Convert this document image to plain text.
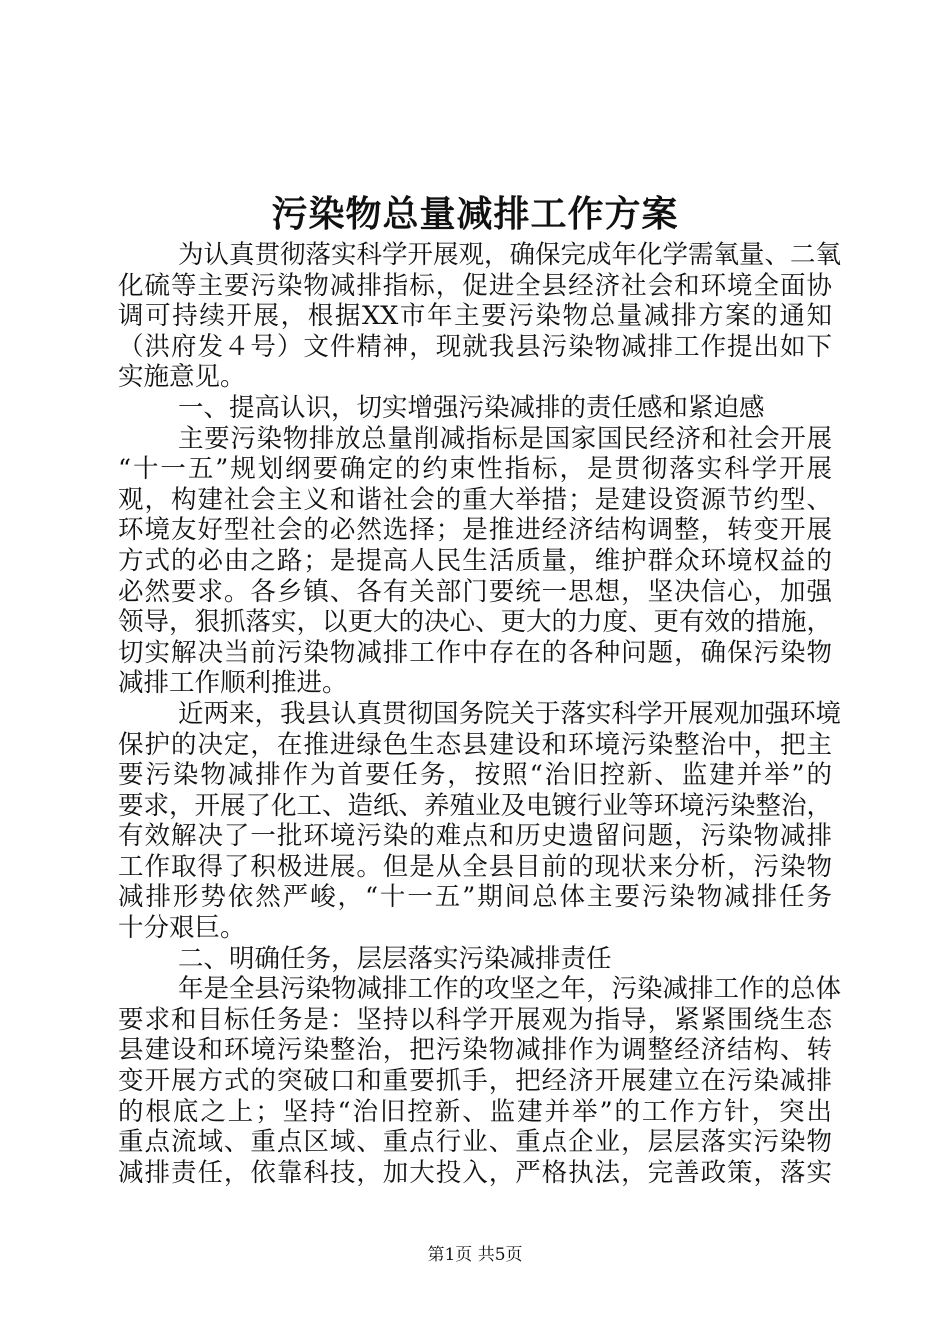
污染物总量减排工作方案
为认真贯彻落实科学开展观，确保完成年化学需氧量、二氧
化硫等主要污染物减排指标，促进全县经济社会和环境全面协
调可持续开展，根据XX市年主要污染物总量减排方案的通知
（洪府发４号）文件精神，现就我县污染物减排工作提出如下
实施意见。
一、提高认识，切实增强污染减排的责任感和紧迫感
主要污染物排放总量削减指标是国家国民经济和社会开展
“十一五”规划纲要确定的约束性指标，是贯彻落实科学开展
观，构建社会主义和谐社会的重大举措；是建设资源节约型、
环境友好型社会的必然选择；是推进经济结构调整，转变开展
方式的必由之路；是提高人民生活质量，维护群众环境权益的
必然要求。各乡镇、各有关部门要统一思想，坚决信心，加强
领导，狠抓落实，以更大的决心、更大的力度、更有效的措施，
切实解决当前污染物减排工作中存在的各种问题，确保污染物
减排工作顺利推进。
近两来，我县认真贯彻国务院关于落实科学开展观加强环境
保护的决定，在推进绿色生态县建设和环境污染整治中，把主
要污染物减排作为首要任务，按照“治旧控新、监建并举”的
要求，开展了化工、造纸、养殖业及电镀行业等环境污染整治，
有效解决了一批环境污染的难点和历史遗留问题，污染物减排
工作取得了积极进展。但是从全县目前的现状来分析，污染物
减排形势依然严峻，“十一五”期间总体主要污染物减排任务
十分艰巨。
二、明确任务，层层落实污染减排责任
年是全县污染物减排工作的攻坚之年，污染减排工作的总体
要求和目标任务是：坚持以科学开展观为指导，紧紧围绕生态
县建设和环境污染整治，把污染物减排作为调整经济结构、转
变开展方式的突破口和重要抓手，把经济开展建立在污染减排
的根底之上；坚持“治旧控新、监建并举”的工作方针，突出
重点流域、重点区域、重点行业、重点企业，层层落实污染物
减排责任，依靠科技，加大投入，严格执法，完善政策，落实
第1页 共5页
